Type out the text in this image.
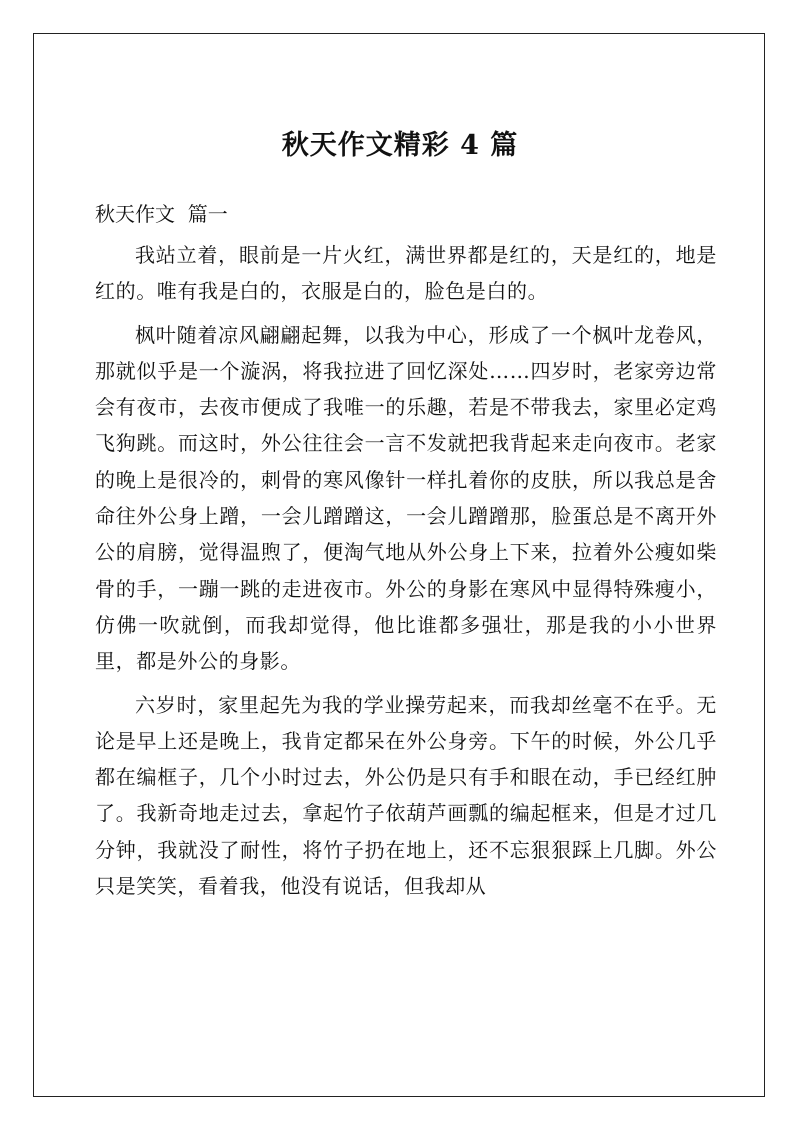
秋天作文精彩 4 篇

秋天作文  篇一

我站立着，眼前是一片火红，满世界都是红的，天是红的，地是红的。唯有我是白的，衣服是白的，脸色是白的。

枫叶随着凉风翩翩起舞，以我为中心，形成了一个枫叶龙卷风，那就似乎是一个漩涡，将我拉进了回忆深处……四岁时，老家旁边常会有夜市，去夜市便成了我唯一的乐趣，若是不带我去，家里必定鸡飞狗跳。而这时，外公往往会一言不发就把我背起来走向夜市。老家的晚上是很冷的，刺骨的寒风像针一样扎着你的皮肤，所以我总是舍命往外公身上蹭，一会儿蹭蹭这，一会儿蹭蹭那，脸蛋总是不离开外公的肩膀，觉得温煦了，便淘气地从外公身上下来，拉着外公瘦如柴骨的手，一蹦一跳的走进夜市。外公的身影在寒风中显得特殊瘦小，仿佛一吹就倒，而我却觉得，他比谁都多强壮，那是我的小小世界里，都是外公的身影。

六岁时，家里起先为我的学业操劳起来，而我却丝毫不在乎。无论是早上还是晚上，我肯定都呆在外公身旁。下午的时候，外公几乎都在编框子，几个小时过去，外公仍是只有手和眼在动，手已经红肿了。我新奇地走过去，拿起竹子依葫芦画瓢的编起框来，但是才过几分钟，我就没了耐性，将竹子扔在地上，还不忘狠狠踩上几脚。外公只是笑笑，看着我，他没有说话，但我却从
